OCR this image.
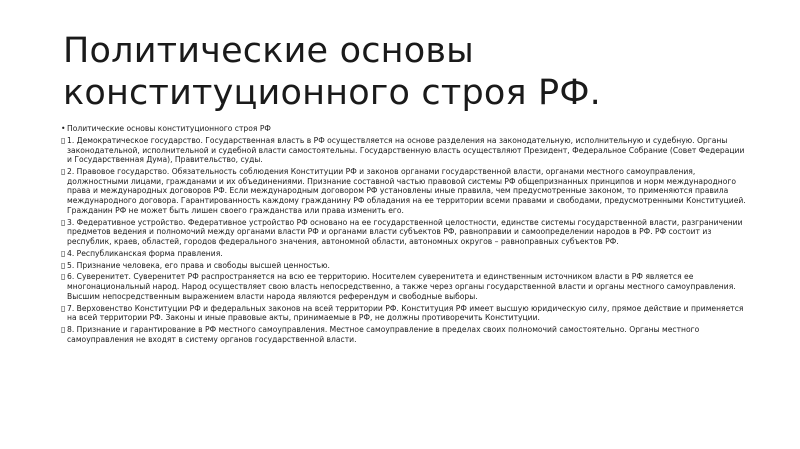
Политические основы
конституционного строя РФ.
• Политические основы конституционного строя РФ
▯ 1. Демократическое государство. Государственная власть в РФ осуществляется на основе разделения на законодательную, исполнительную и судебную. Органы законодательной, исполнительной и судебной власти самостоятельны. Государственную власть осуществляют Президент, Федеральное Собрание (Совет Федерации и Государственная Дума), Правительство, суды.
▯ 2. Правовое государство. Обязательность соблюдения Конституции РФ и законов органами государственной власти, органами местного самоуправления, должностными лицами, гражданами и их объединениями. Признание составной частью правовой системы РФ общепризнанных принципов и норм международного права и международных договоров РФ. Если международным договором РФ установлены иные правила, чем предусмотренные законом, то применяются правила международного договора. Гарантированность каждому гражданину РФ обладания на ее территории всеми правами и свободами, предусмотренными Конституцией. Гражданин РФ не может быть лишен своего гражданства или права изменить его.
▯ 3. Федеративное устройство. Федеративное устройство РФ основано на ее государственной целостности, единстве системы государственной власти, разграничении предметов ведения и полномочий между органами власти РФ и органами власти субъектов РФ, равноправии и самоопределении народов в РФ. РФ состоит из республик, краев, областей, городов федерального значения, автономной области, автономных округов – равноправных субъектов РФ.
▯ 4. Республиканская форма правления.
▯ 5. Признание человека, его права и свободы высшей ценностью.
▯ 6. Суверенитет. Суверенитет РФ распространяется на всю ее территорию. Носителем суверенитета и единственным источником власти в РФ является ее многонациональный народ. Народ осуществляет свою власть непосредственно, а также через органы государственной власти и органы местного самоуправления. Высшим непосредственным выражением власти народа являются референдум и свободные выборы.
▯ 7. Верховенство Конституции РФ и федеральных законов на всей территории РФ. Конституция РФ имеет высшую юридическую силу, прямое действие и применяется на всей территории РФ. Законы и иные правовые акты, принимаемые в РФ, не должны противоречить Конституции.
▯ 8. Признание и гарантирование в РФ местного самоуправления. Местное самоуправление в пределах своих полномочий самостоятельно. Органы местного самоуправления не входят в систему органов государственной власти.
